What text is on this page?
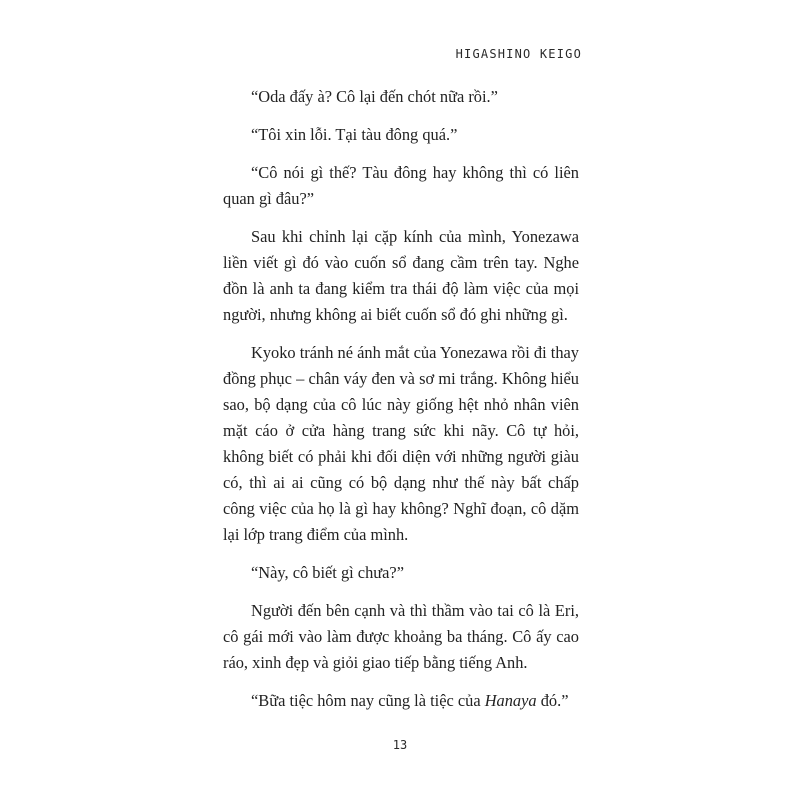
HIGASHINO KEIGO

“Oda đấy à? Cô lại đến chót nữa rồi.”

“Tôi xin lỗi. Tại tàu đông quá.”

“Cô nói gì thế? Tàu đông hay không thì có liên quan gì đâu?”

Sau khi chỉnh lại cặp kính của mình, Yonezawa liền viết gì đó vào cuốn sổ đang cầm trên tay. Nghe đồn là anh ta đang kiểm tra thái độ làm việc của mọi người, nhưng không ai biết cuốn sổ đó ghi những gì.

Kyoko tránh né ánh mắt của Yonezawa rồi đi thay đồng phục – chân váy đen và sơ mi trắng. Không hiểu sao, bộ dạng của cô lúc này giống hệt nhỏ nhân viên mặt cáo ở cửa hàng trang sức khi nãy. Cô tự hỏi, không biết có phải khi đối diện với những người giàu có, thì ai ai cũng có bộ dạng như thế này bất chấp công việc của họ là gì hay không? Nghĩ đoạn, cô dặm lại lớp trang điểm của mình.

“Này, cô biết gì chưa?”

Người đến bên cạnh và thì thầm vào tai cô là Eri, cô gái mới vào làm được khoảng ba tháng. Cô ấy cao ráo, xinh đẹp và giỏi giao tiếp bằng tiếng Anh.

“Bữa tiệc hôm nay cũng là tiệc của Hanaya đó.”

13
